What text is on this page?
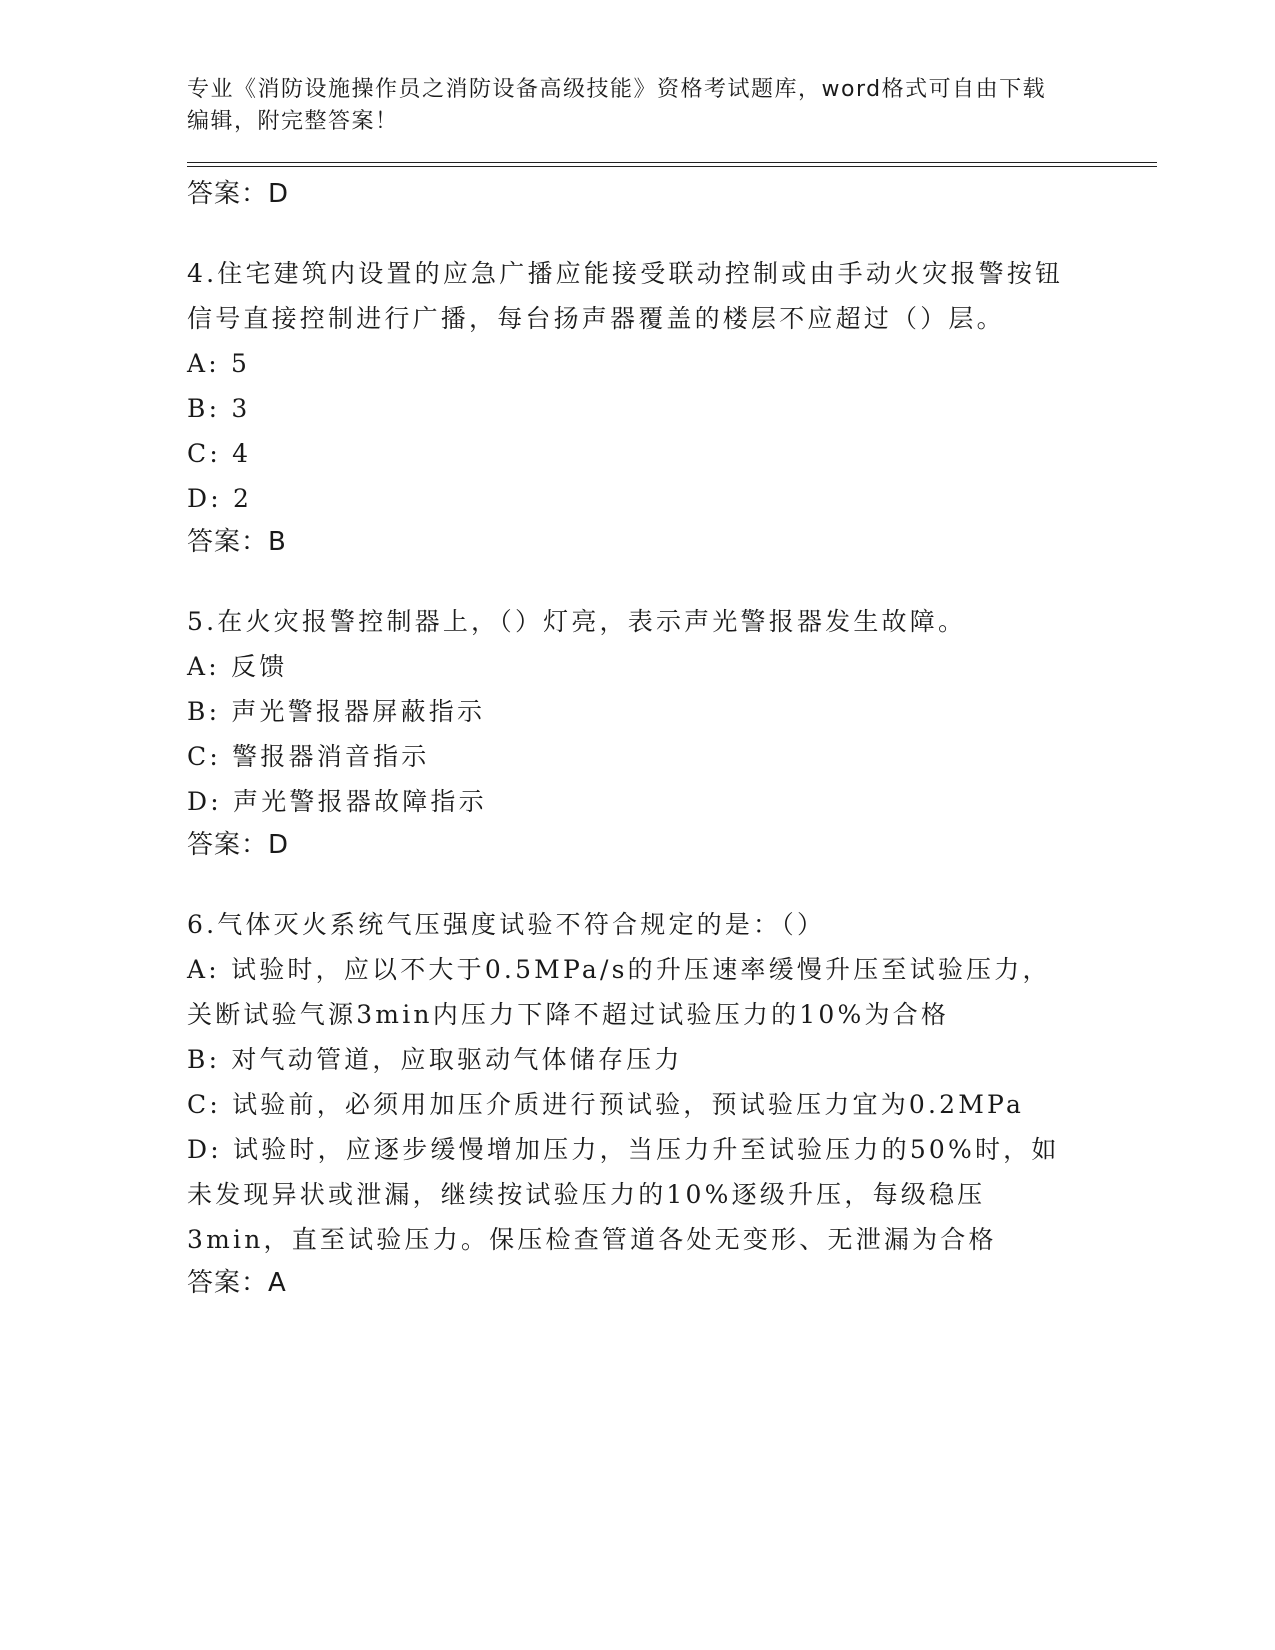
专业《消防设施操作员之消防设备高级技能》资格考试题库，word格式可自由下载编辑，附完整答案！

答案：D

4.住宅建筑内设置的应急广播应能接受联动控制或由手动火灾报警按钮信号直接控制进行广播，每台扬声器覆盖的楼层不应超过（）层。

A: 5

B: 3

C: 4

D: 2

答案：B

5.在火灾报警控制器上，（）灯亮，表示声光警报器发生故障。

A: 反馈

B: 声光警报器屏蔽指示

C: 警报器消音指示

D: 声光警报器故障指示

答案：D

6.气体灭火系统气压强度试验不符合规定的是：（）

A: 试验时，应以不大于0.5MPa/s的升压速率缓慢升压至试验压力，关断试验气源3min内压力下降不超过试验压力的10%为合格

B: 对气动管道，应取驱动气体储存压力

C: 试验前，必须用加压介质进行预试验，预试验压力宜为0.2MPa

D: 试验时，应逐步缓慢增加压力，当压力升至试验压力的50%时，如未发现异状或泄漏，继续按试验压力的10%逐级升压，每级稳压3min，直至试验压力。保压检查管道各处无变形、无泄漏为合格

答案：A
